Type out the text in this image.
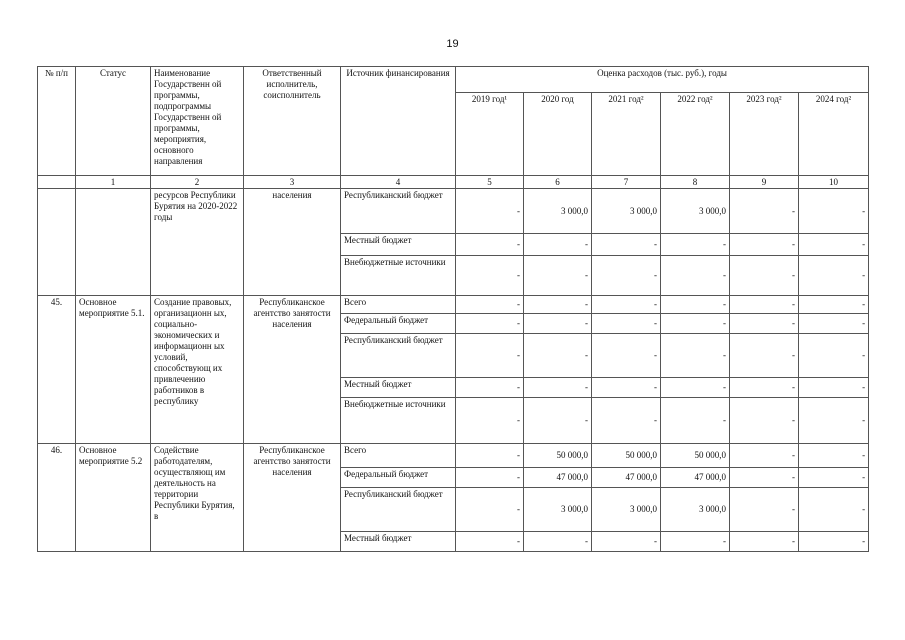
19
№ п/п	Статус	Наименование Государственн ой программы, подпрограммы Государственн ой программы, мероприятия, основного направления	Ответственный исполнитель, соисполнитель	Источник финансирования	Оценка расходов (тыс. руб.), годы					
					2019 год¹	2020 год	2021 год²	2022 год²	2023 год²	2024 год²
	1	2	3	4	5	6	7	8	9	10
		ресурсов Республики Бурятия на 2020-2022 годы	населения	Республиканский бюджет	-	3 000,0	3 000,0	3 000,0	-	-
				Местный бюджет	-	-	-	-	-	-
				Внебюджетные источники	-	-	-	-	-	-
45.	Основное мероприятие 5.1.	Создание правовых, организационн ых, социально-экономических и информационн ых условий, способствующ их привлечению работников в республику	Республиканское агентство занятости населения	Всего	-	-	-	-	-	-
				Федеральный бюджет	-	-	-	-	-	-
				Республиканский бюджет	-	-	-	-	-	-
				Местный бюджет	-	-	-	-	-	-
				Внебюджетные источники	-	-	-	-	-	-
46.	Основное мероприятие 5.2	Содействие работодателям, осуществляющ им деятельность на территории Республики Бурятия, в	Республиканское агентство занятости населения	Всего	-	50 000,0	50 000,0	50 000,0	-	-
				Федеральный бюджет	-	47 000,0	47 000,0	47 000,0	-	-
				Республиканский бюджет	-	3 000,0	3 000,0	3 000,0	-	-
				Местный бюджет	-	-	-	-	-	-
